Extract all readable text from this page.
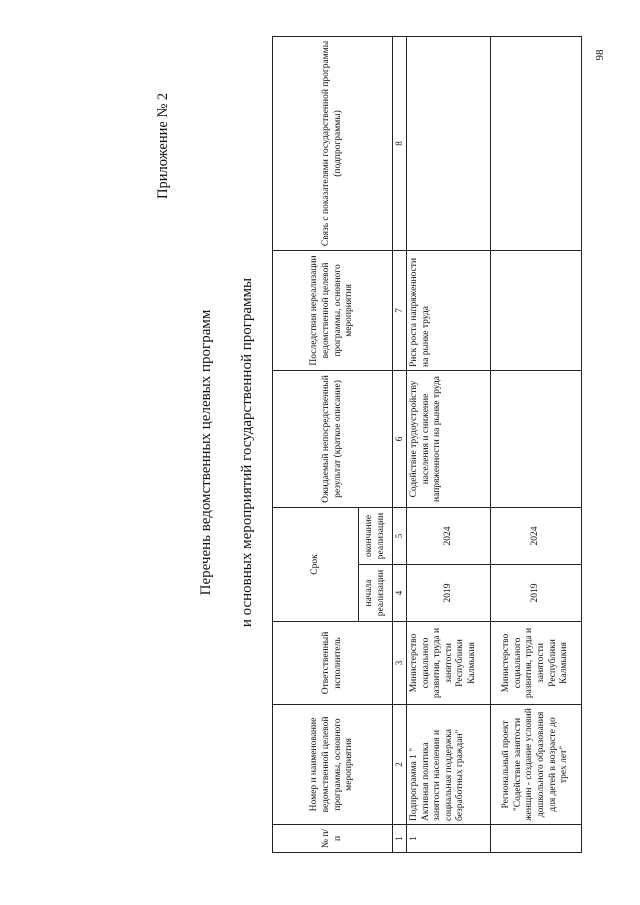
Приложение № 2
Перечень ведомственных целевых программ и основных мероприятий государственной программы
№ п/п	Номер и наименование ведомственной целевой программы, основного мероприятия	Ответственный исполнитель	Срок		Ожидаемый непосредственный результат (краткое описание)	Последствия нереализации ведомственной целевой программы, основного мероприятия	Связь с показателями государственной программы (подпрограммы)
			начала реализации	окончание реализации			
1	2	3	4	5	6	7	8
1	Подпрограмма 1 " Активная политика занятости населения и социальная поддержка безработных граждан"	Министерство социального развития, труда и занятости Республики Калмыкия	2019	2024	Содействие трудоустройству населения и снижение напряженности на рынке труда	Риск роста напряженности на рынке труда	
	Региональный проект "Содействие занятости женщин - создание условий дошкольного образования для детей в возрасте до трех лет"	Министерство социального развития, труда и занятости Республики Калмыкия	2019	2024			
98
